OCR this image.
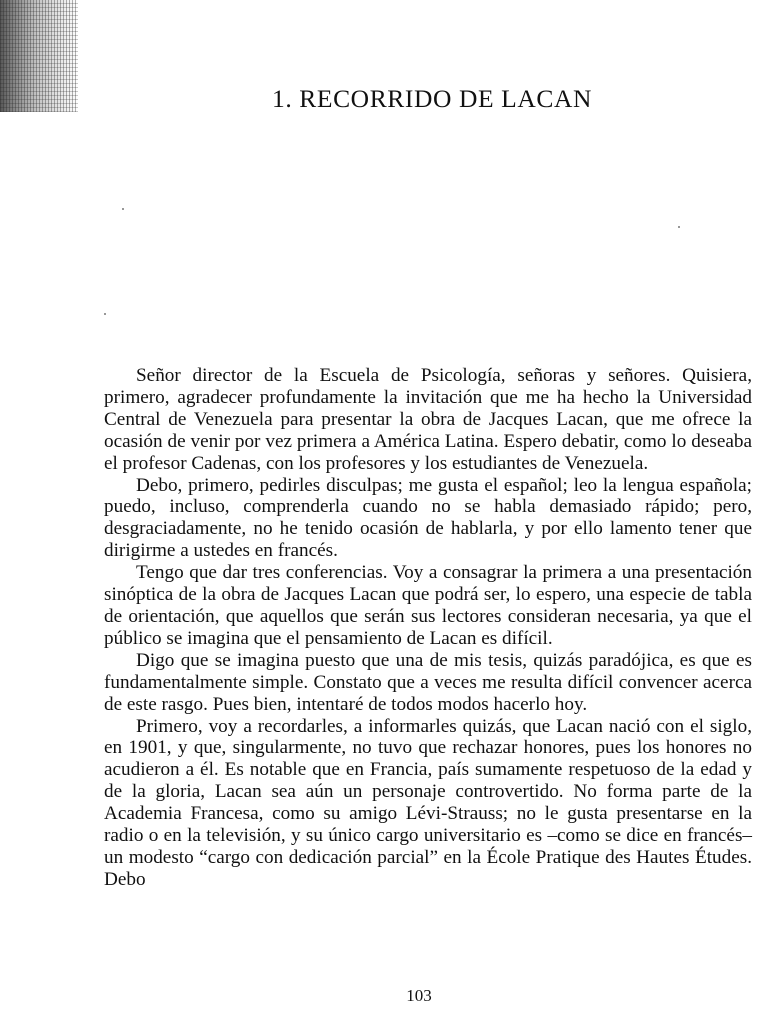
1. RECORRIDO DE LACAN

Señor director de la Escuela de Psicología, señoras y señores. Quisiera, primero, agradecer profundamente la invitación que me ha hecho la Universidad Central de Venezuela para presentar la obra de Jacques Lacan, que me ofrece la ocasión de venir por vez primera a América Latina. Espero debatir, como lo deseaba el profesor Cadenas, con los profesores y los estudiantes de Venezuela.

Debo, primero, pedirles disculpas; me gusta el español; leo la lengua española; puedo, incluso, comprenderla cuando no se habla demasiado rápido; pero, desgraciadamente, no he tenido ocasión de hablarla, y por ello lamento tener que dirigirme a ustedes en francés.

Tengo que dar tres conferencias. Voy a consagrar la primera a una presentación sinóptica de la obra de Jacques Lacan que podrá ser, lo espero, una especie de tabla de orientación, que aquellos que serán sus lectores consideran necesaria, ya que el público se imagina que el pensamiento de Lacan es difícil.

Digo que se imagina puesto que una de mis tesis, quizás paradójica, es que es fundamentalmente simple. Constato que a veces me resulta difícil convencer acerca de este rasgo. Pues bien, intentaré de todos modos hacerlo hoy.

Primero, voy a recordarles, a informarles quizás, que Lacan nació con el siglo, en 1901, y que, singularmente, no tuvo que rechazar honores, pues los honores no acudieron a él. Es notable que en Francia, país sumamente respetuoso de la edad y de la gloria, Lacan sea aún un personaje controvertido. No forma parte de la Academia Francesa, como su amigo Lévi-Strauss; no le gusta presentarse en la radio o en la televisión, y su único cargo universitario es –como se dice en francés– un modesto “cargo con dedicación parcial” en la École Pratique des Hautes Études. Debo

103
